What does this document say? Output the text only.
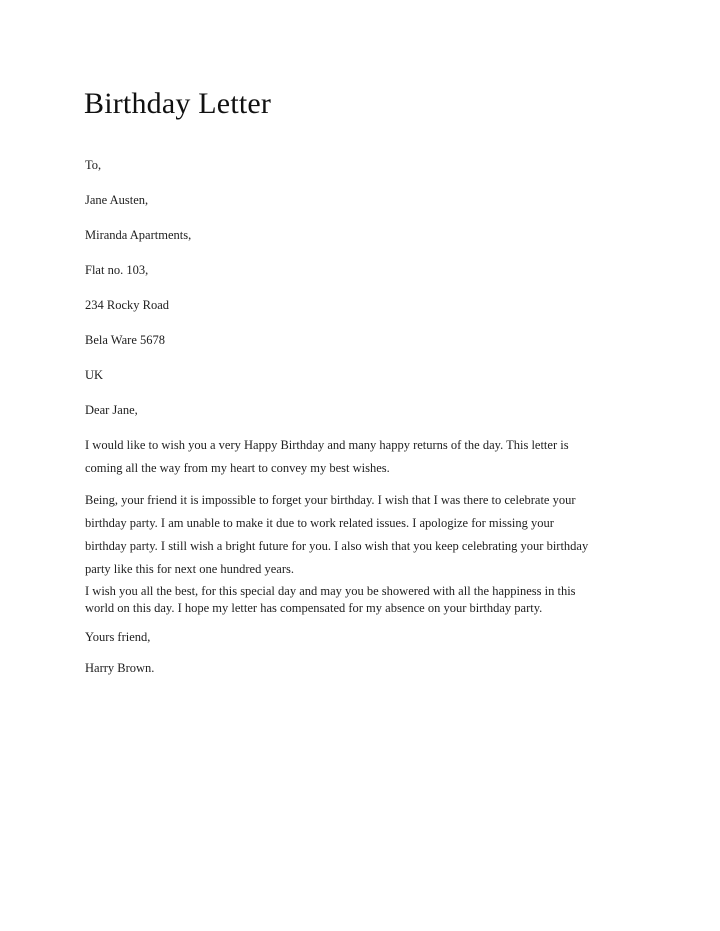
Birthday Letter

To,

Jane Austen,

Miranda Apartments,

Flat no. 103,

234 Rocky Road

Bela Ware 5678

UK

Dear Jane,

I would like to wish you a very Happy Birthday and many happy returns of the day. This letter is
coming all the way from my heart to convey my best wishes.
Being, your friend it is impossible to forget your birthday. I wish that I was there to celebrate your
birthday party. I am unable to make it due to work related issues. I apologize for missing your
birthday party. I still wish a bright future for you. I also wish that you keep celebrating your birthday
party like this for next one hundred years.
I wish you all the best, for this special day and may you be showered with all the happiness in this
world on this day. I hope my letter has compensated for my absence on your birthday party.

Yours friend,

Harry Brown.
